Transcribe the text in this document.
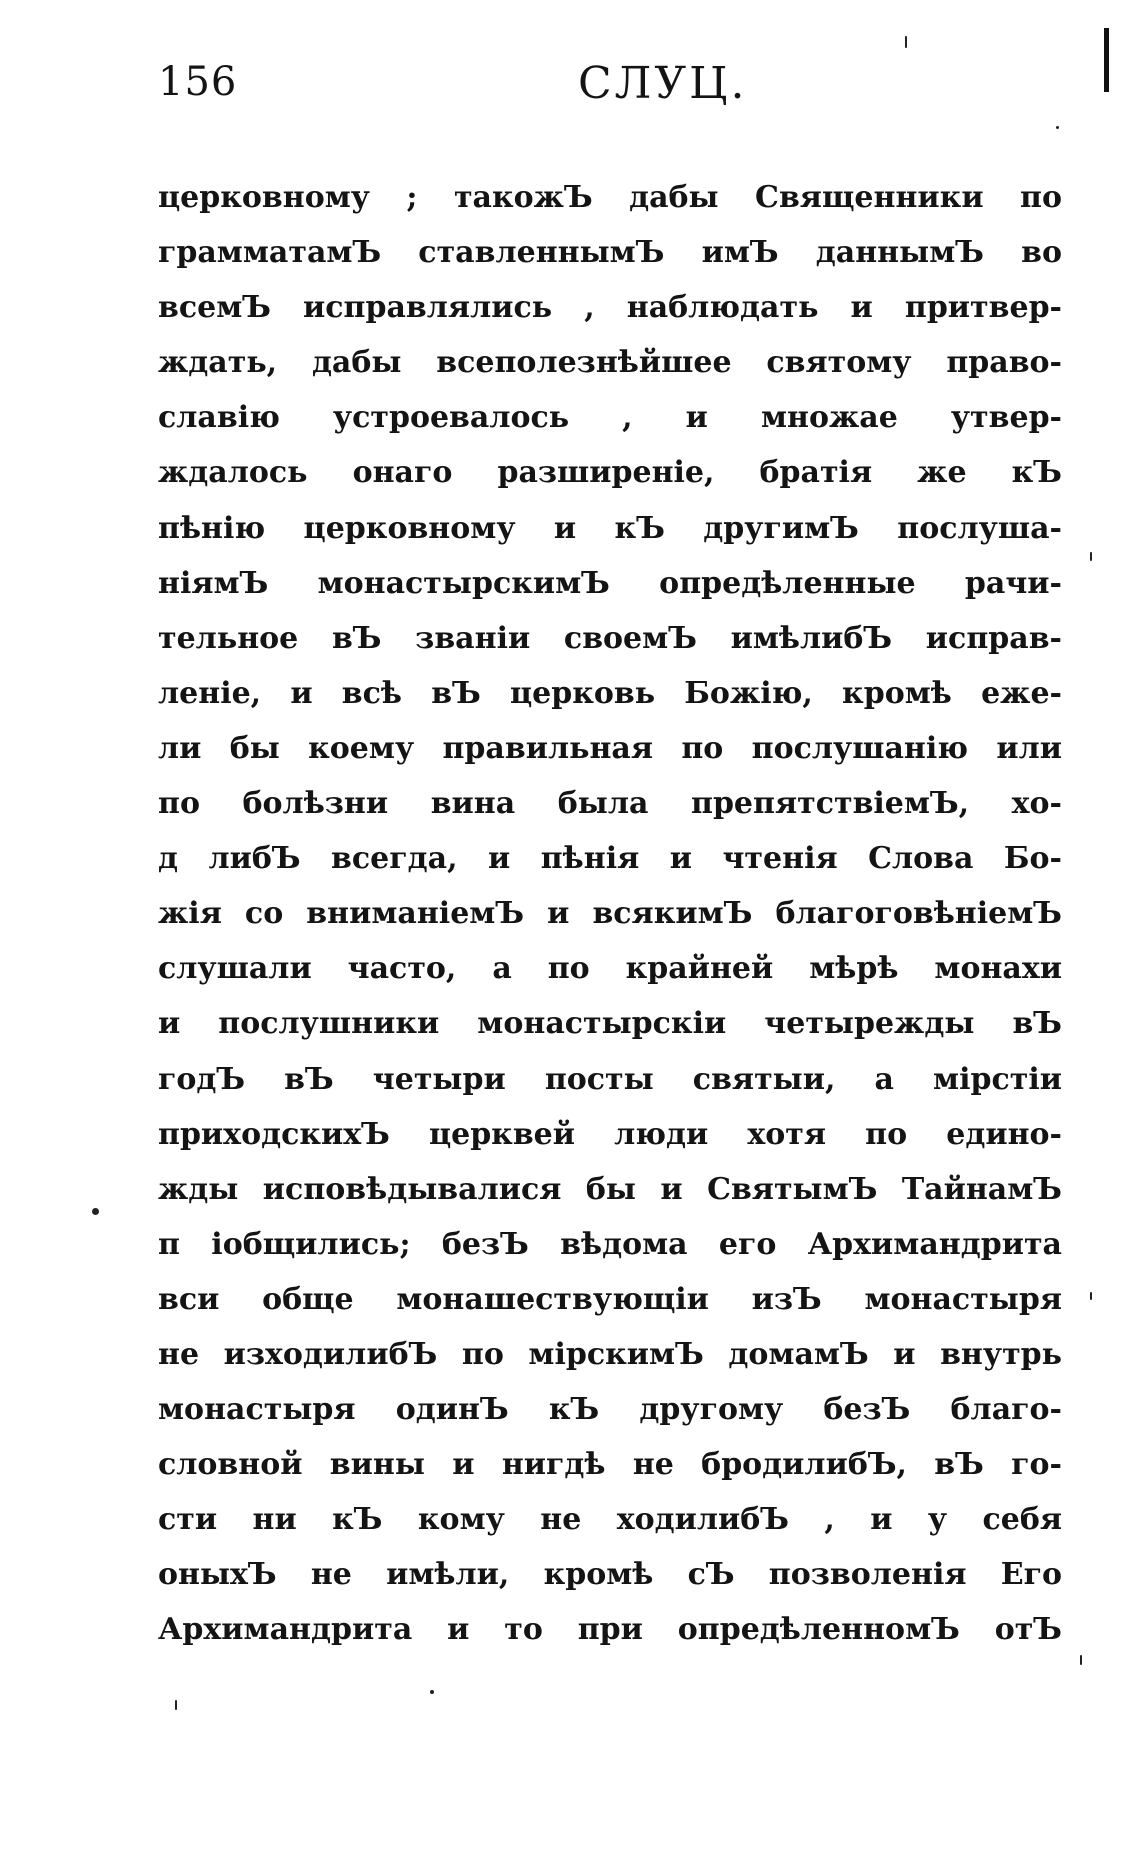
156	СЛУЦ.
церковному ; такожЪ дабы Священники по
грамматамЪ ставленнымЪ имЪ даннымЪ во
всемЪ исправлялись , наблюдать и притвер-
ждать, дабы всеполезнѣйшее святому право-
славію устроевалось , и множае утвер-
ждалось онаго разширеніе, братія же кЪ
пѣнію церковному и кЪ другимЪ послуша-
ніямЪ монастырскимЪ опредѣленные рачи-
тельное вЪ званіи своемЪ имѣлибЪ исправ-
леніе, и всѣ вЪ церковь Божію, кромѣ еже-
ли бы коему правильная по послушанію или
по болѣзни вина была препятствіемЪ, хо-
д либЪ всегда, и пѣнія и чтенія Слова Бо-
жія со вниманіемЪ и всякимЪ благоговѣніемЪ
слушали часто, а по крайней мѣрѣ монахи
и послушники монастырскіи четырежды вЪ
годЪ вЪ четыри посты святыи, а мірстіи
приходскихЪ церквей люди хотя по едино-
жды исповѣдывалися бы и СвятымЪ ТайнамЪ
п іобщились; безЪ вѣдома его Архимандрита
вси обще монашествующіи изЪ монастыря
не изходилибЪ по мірскимЪ домамЪ и внутрь
монастыря одинЪ кЪ другому безЪ благо-
словной вины и нигдѣ не бродилибЪ, вЪ го-
сти ни кЪ кому не ходилибЪ , и у себя
оныхЪ не имѣли, кромѣ сЪ позволенія Его
Архимандрита и то при опредѣленномЪ отЪ
